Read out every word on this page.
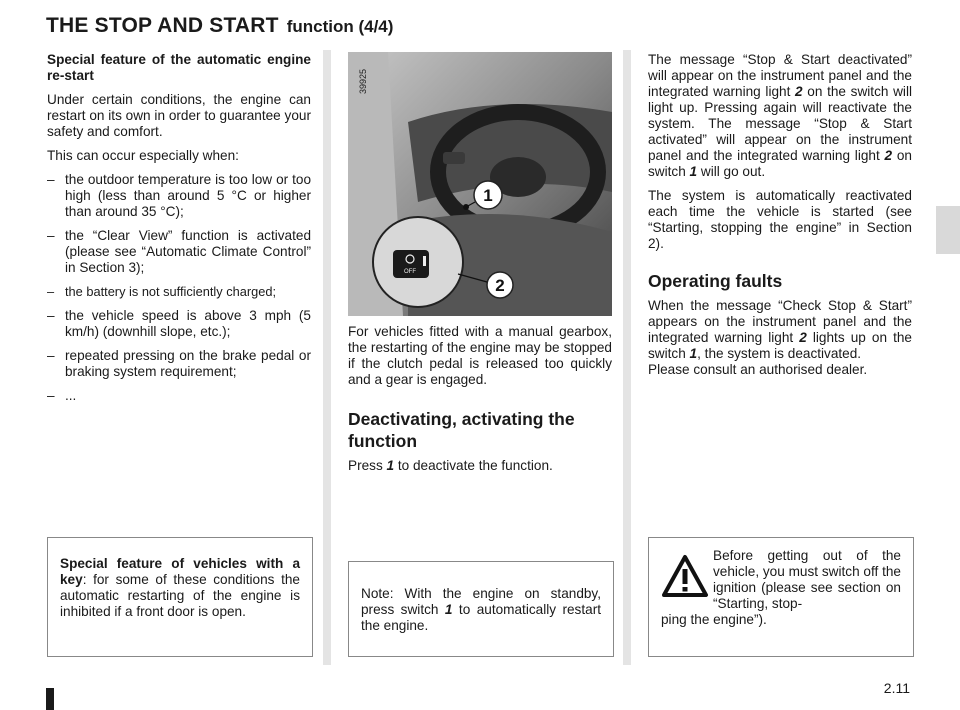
THE STOP AND START function (4/4)

Special feature of the automatic engine re-start

Under certain conditions, the engine can restart on its own in order to guarantee your safety and comfort.

This can occur especially when:

– the outdoor temperature is too low or too high (less than around 5 °C or higher than around 35 °C);
– the “Clear View” function is activated (please see “Automatic Climate Control” in Section 3);
– the battery is not sufficiently charged;
– the vehicle speed is above 3 mph (5 km/h) (downhill slope, etc.);
– repeated pressing on the brake pedal or braking system requirement;
– ...
1
OFF
2
39925

For vehicles fitted with a manual gearbox, the restarting of the engine may be stopped if the clutch pedal is released too quickly and a gear is engaged.

Deactivating, activating the function

Press 1 to deactivate the function.

The message “Stop & Start deactivated” will appear on the instrument panel and the integrated warning light 2 on the switch will light up. Pressing again will reactivate the system. The message “Stop & Start activated” will appear on the instrument panel and the integrated warning light 2 on switch 1 will go out.

The system is automatically reactivated each time the vehicle is started (see “Starting, stopping the engine” in Section 2).

Operating faults

When the message “Check Stop & Start” appears on the instrument panel and the integrated warning light 2 lights up on the switch 1, the system is deactivated.

Please consult an authorised dealer.

Special feature of vehicles with a key: for some of these conditions the automatic restarting of the engine is inhibited if a front door is open.

Note: With the engine on standby, press switch 1 to automatically restart the engine.

Before getting out of the vehicle, you must switch off the ignition (please see section on “Starting, stop-

ping the engine”).

2.11
